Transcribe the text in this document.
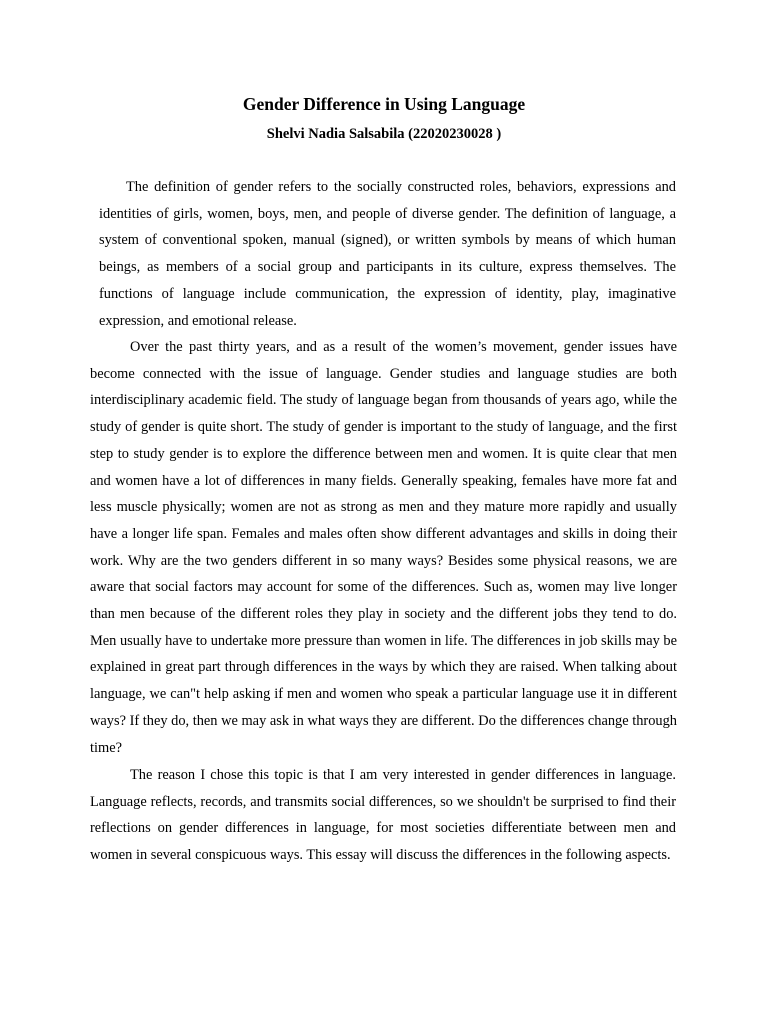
Gender Difference in Using Language
Shelvi Nadia Salsabila (22020230028 )

The definition of gender refers to the socially constructed roles, behaviors, expressions and identities of girls, women, boys, men, and people of diverse gender. The definition of language, a system of conventional spoken, manual (signed), or written symbols by means of which human beings, as members of a social group and participants in its culture, express themselves. The functions of language include communication, the expression of identity, play, imaginative expression, and emotional release.

Over the past thirty years, and as a result of the women’s movement, gender issues have become connected with the issue of language. Gender studies and language studies are both interdisciplinary academic field. The study of language began from thousands of years ago, while the study of gender is quite short. The study of gender is important to the study of language, and the first step to study gender is to explore the difference between men and women. It is quite clear that men and women have a lot of differences in many fields. Generally speaking, females have more fat and less muscle physically; women are not as strong as men and they mature more rapidly and usually have a longer life span. Females and males often show different advantages and skills in doing their work. Why are the two genders different in so many ways? Besides some physical reasons, we are aware that social factors may account for some of the differences. Such as, women may live longer than men because of the different roles they play in society and the different jobs they tend to do. Men usually have to undertake more pressure than women in life. The differences in job skills may be explained in great part through differences in the ways by which they are raised. When talking about language, we can"t help asking if men and women who speak a particular language use it in different ways? If they do, then we may ask in what ways they are different. Do the differences change through time?

The reason I chose this topic is that I am very interested in gender differences in language. Language reflects, records, and transmits social differences, so we shouldn't be surprised to find their reflections on gender differences in language, for most societies differentiate between men and women in several conspicuous ways. This essay will discuss the differences in the following aspects.
